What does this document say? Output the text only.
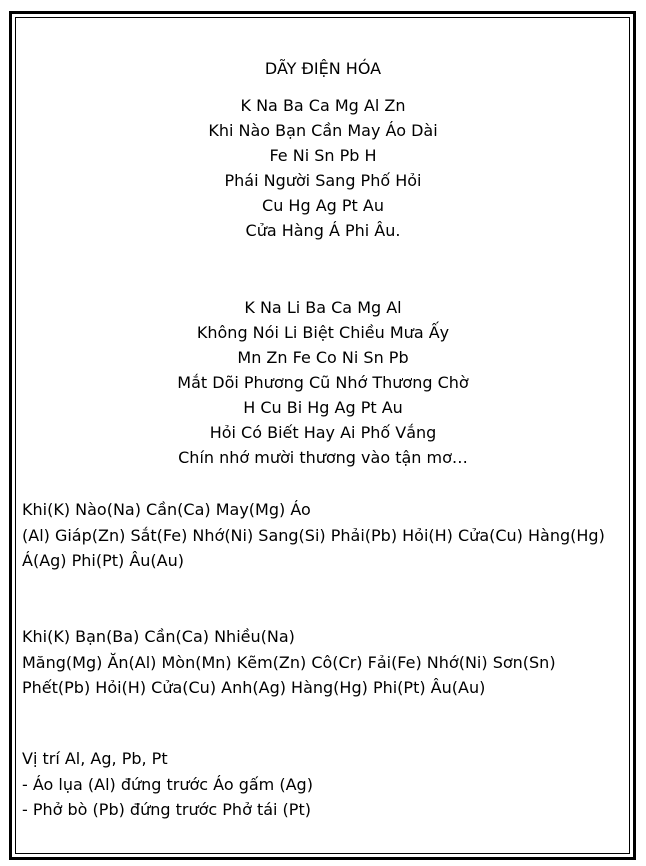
DÃY ĐIỆN HÓA
K Na Ba Ca Mg Al Zn
Khi Nào Bạn Cần May Áo Dài
Fe Ni Sn Pb H
Phái Người Sang Phố Hỏi
Cu Hg Ag Pt Au
Cửa Hàng Á Phi Âu.
K Na Li Ba Ca Mg Al
Không Nói Li Biệt Chiều Mưa Ấy
Mn Zn Fe Co Ni Sn Pb
Mắt Dõi Phương Cũ Nhớ Thương Chờ
H Cu Bi Hg Ag Pt Au
Hỏi Có Biết Hay Ai Phố Vắng
Chín nhớ mười thương vào tận mơ…
Khi(K) Nào(Na) Cần(Ca) May(Mg) Áo
(Al) Giáp(Zn) Sắt(Fe) Nhớ(Ni) Sang(Si) Phải(Pb) Hỏi(H) Cửa(Cu) Hàng(Hg)
Á(Ag) Phi(Pt) Âu(Au)
Khi(K) Bạn(Ba) Cần(Ca) Nhiều(Na)
Măng(Mg) Ăn(Al) Mòn(Mn) Kẽm(Zn) Cô(Cr) Fải(Fe) Nhớ(Ni) Sơn(Sn)
Phết(Pb) Hỏi(H) Cửa(Cu) Anh(Ag) Hàng(Hg) Phi(Pt) Âu(Au)
Vị trí Al, Ag, Pb, Pt
- Áo lụa (Al) đứng trước Áo gấm (Ag)
- Phở bò (Pb) đứng trước Phở tái (Pt)
